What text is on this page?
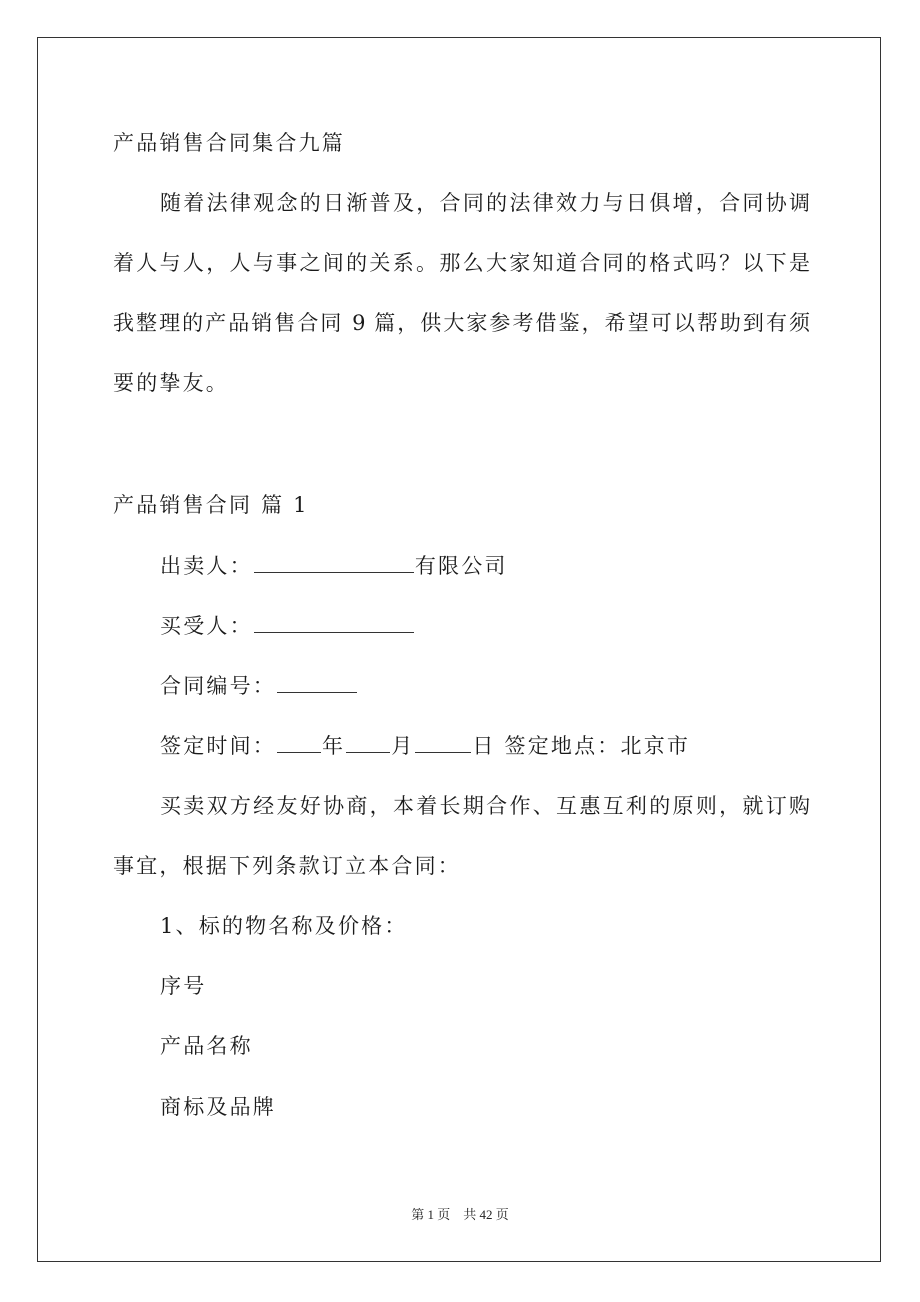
产品销售合同集合九篇
随着法律观念的日渐普及，合同的法律效力与日俱增，合同协调
着人与人，人与事之间的关系。那么大家知道合同的格式吗？以下是
我整理的产品销售合同 9 篇，供大家参考借鉴，希望可以帮助到有须
要的挚友。
产品销售合同 篇 1
出卖人：	有限公司
买受人：
合同编号：
签定时间： 年 月	日 签定地点：北京市
买卖双方经友好协商，本着长期合作、互惠互利的原则，就订购
事宜，根据下列条款订立本合同：
1、标的物名称及价格：
序号
产品名称
商标及品牌
第 1 页    共 42 页
